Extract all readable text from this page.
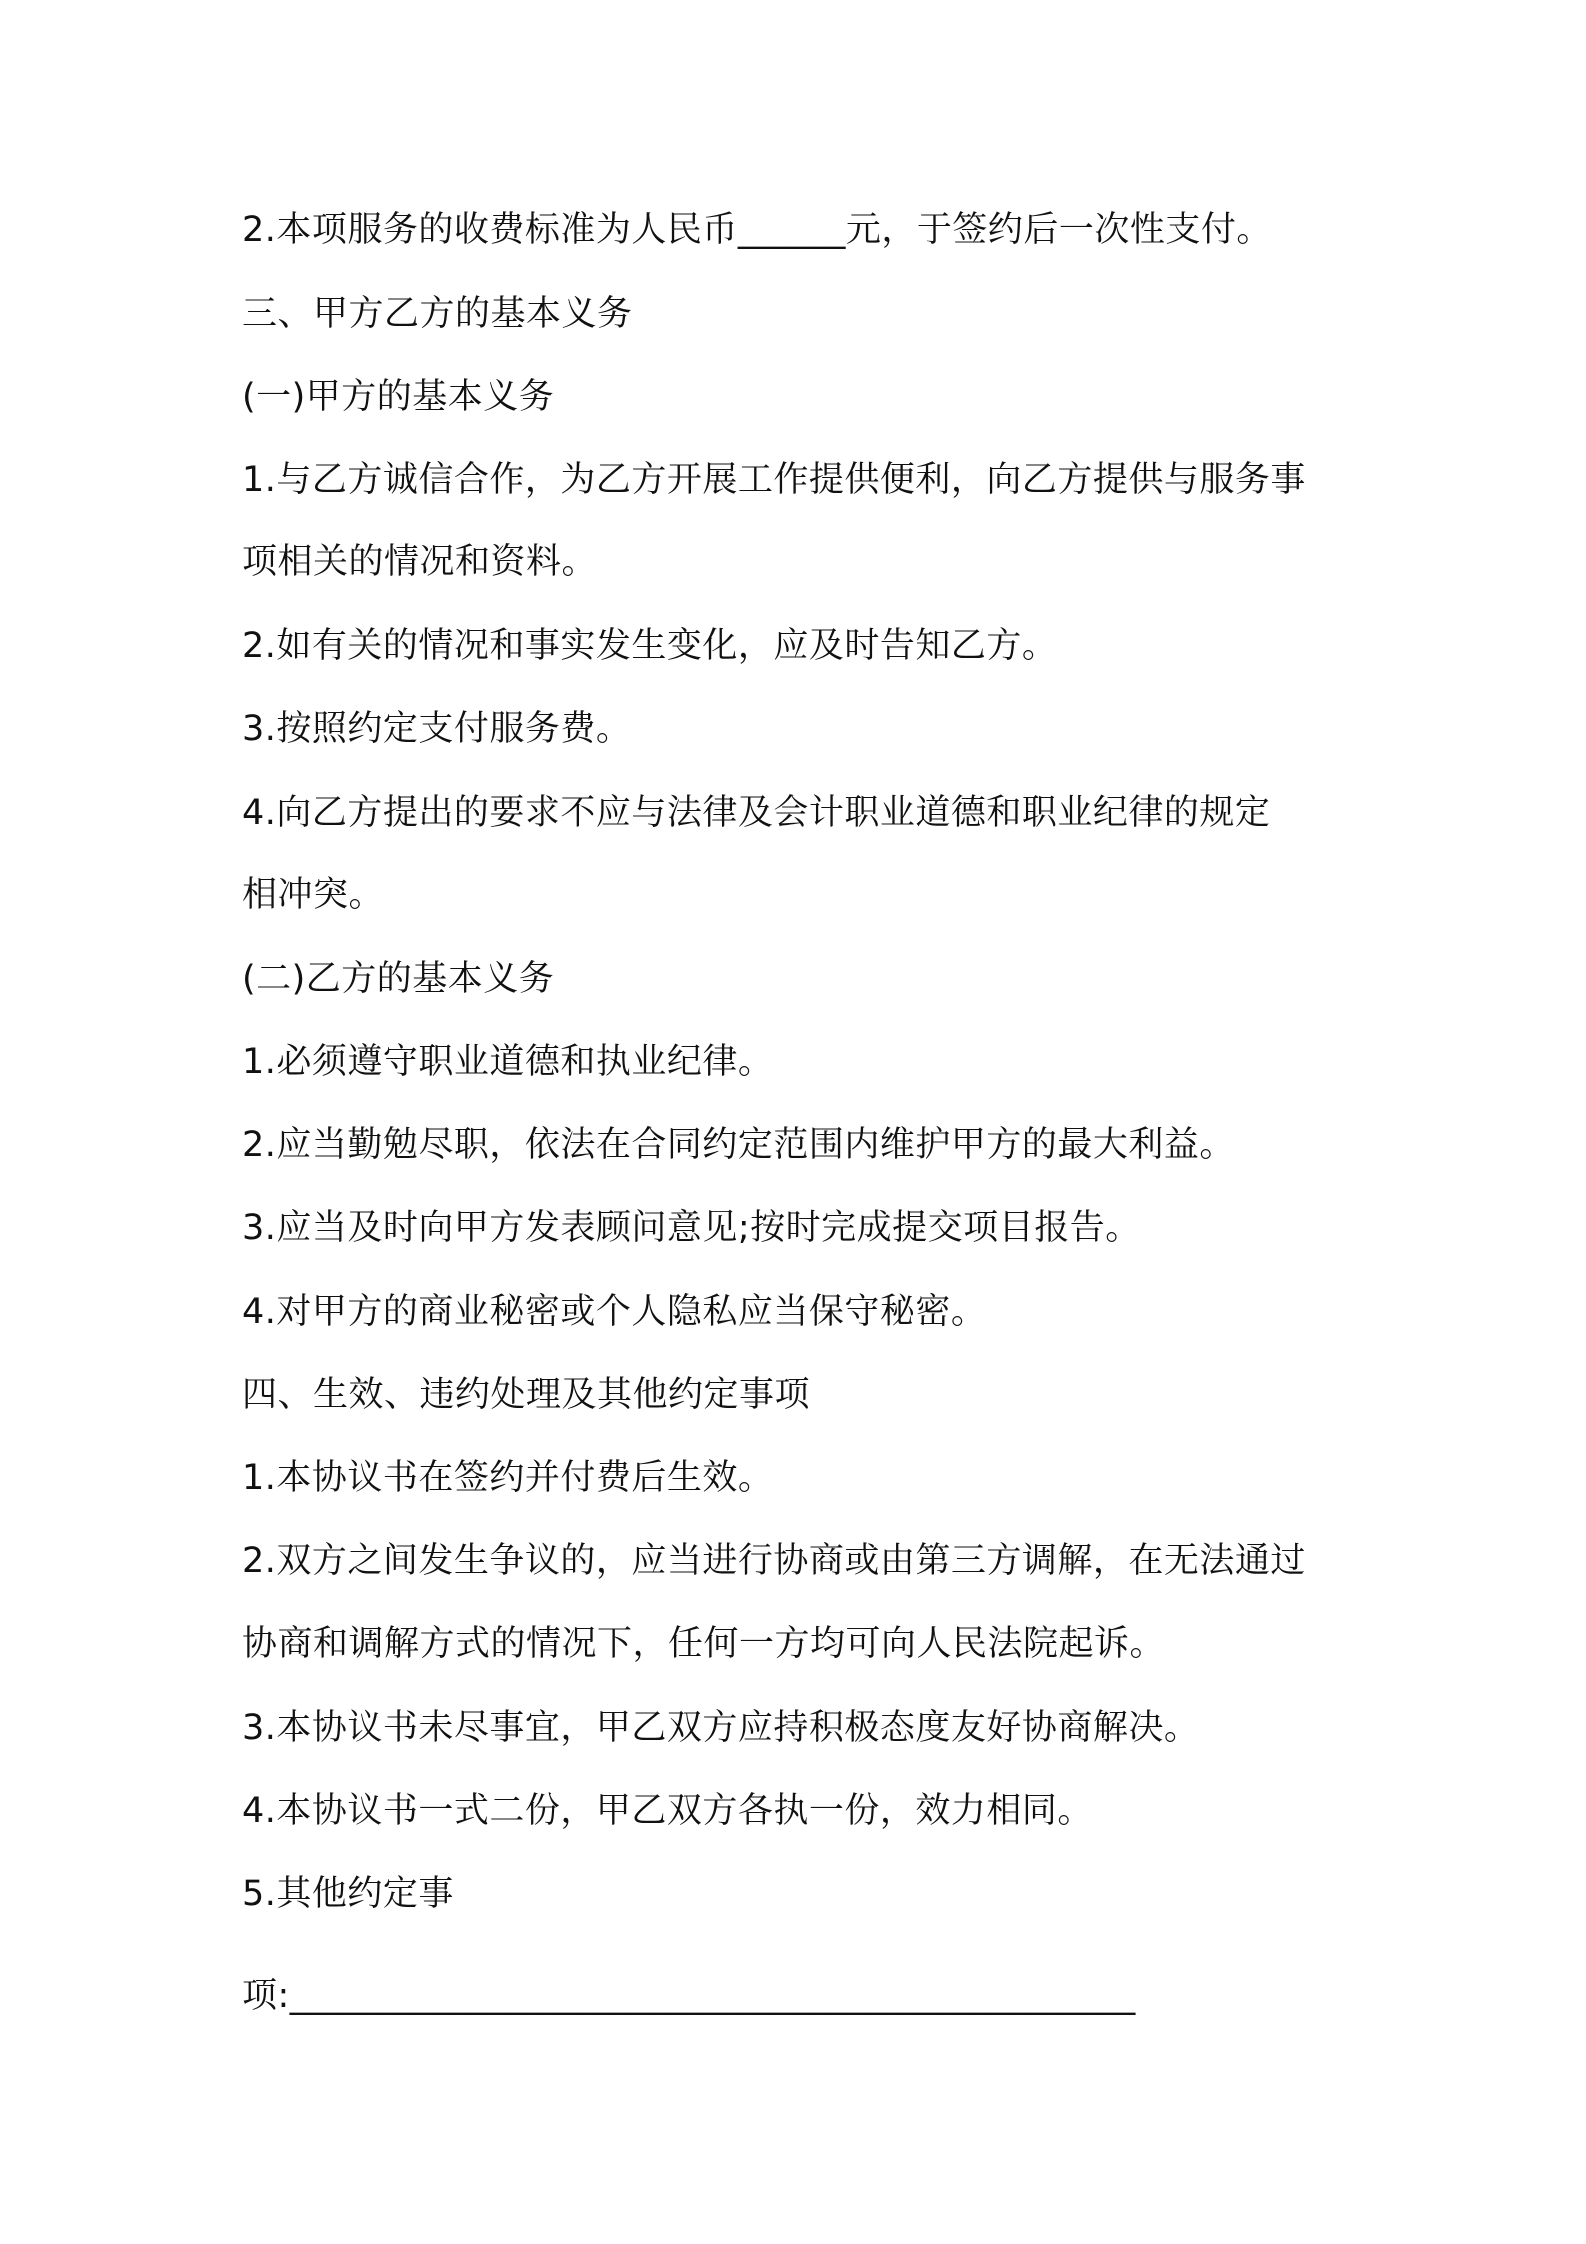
2.本项服务的收费标准为人民币______元，于签约后一次性支付。
三、甲方乙方的基本义务
(一)甲方的基本义务
1.与乙方诚信合作，为乙方开展工作提供便利，向乙方提供与服务事
项相关的情况和资料。
2.如有关的情况和事实发生变化，应及时告知乙方。
3.按照约定支付服务费。
4.向乙方提出的要求不应与法律及会计职业道德和职业纪律的规定
相冲突。
(二)乙方的基本义务
1.必须遵守职业道德和执业纪律。
2.应当勤勉尽职，依法在合同约定范围内维护甲方的最大利益。
3.应当及时向甲方发表顾问意见;按时完成提交项目报告。
4.对甲方的商业秘密或个人隐私应当保守秘密。
四、生效、违约处理及其他约定事项
1.本协议书在签约并付费后生效。
2.双方之间发生争议的，应当进行协商或由第三方调解，在无法通过
协商和调解方式的情况下，任何一方均可向人民法院起诉。
3.本协议书未尽事宜，甲乙双方应持积极态度友好协商解决。
4.本协议书一式二份，甲乙双方各执一份，效力相同。
5.其他约定事
项:_______________________________________________
